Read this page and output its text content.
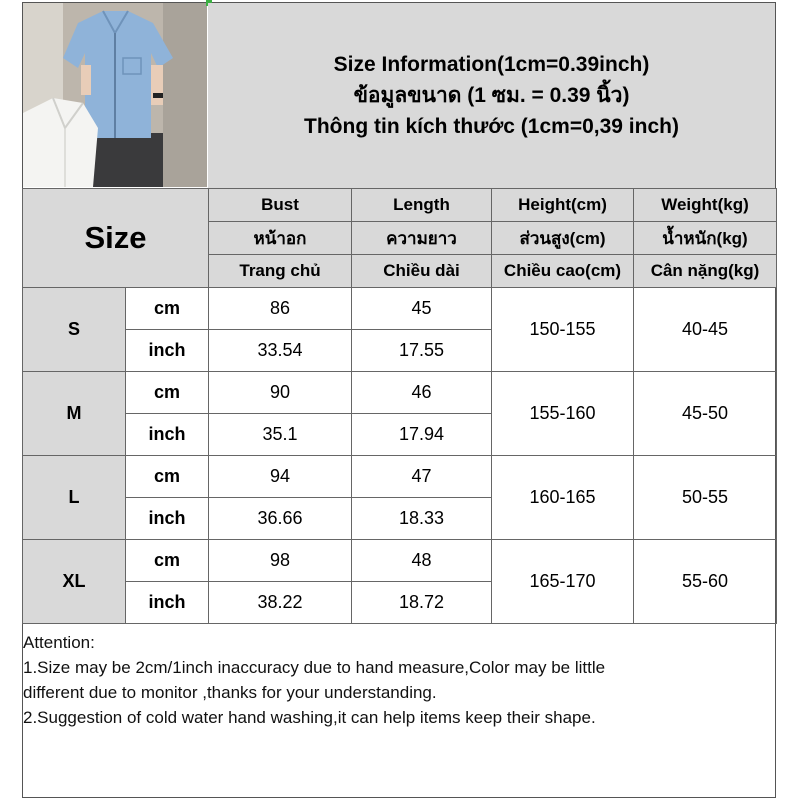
Size Information(1cm=0.39inch)
ข้อมูลขนาด (1 ซม. = 0.39 นิ้ว)
Thông tin kích thước (1cm=0,39 inch)
Size		Bust	Length	Height(cm)	Weight(kg)
		หน้าอก	ความยาว	ส่วนสูง(cm)	น้ำหนัก(kg)
		Trang chủ	Chiều dài	Chiều cao(cm)	Cân nặng(kg)
S	cm	86	45	150-155	40-45
	inch	33.54	17.55		
M	cm	90	46	155-160	45-50
	inch	35.1	17.94		
L	cm	94	47	160-165	50-55
	inch	36.66	18.33		
XL	cm	98	48	165-170	55-60
	inch	38.22	18.72		
Attention:
1.Size may be 2cm/1inch inaccuracy due to hand measure,Color may be little
different due to monitor ,thanks for your understanding.
2.Suggestion of cold water hand washing,it can help items keep their shape.
